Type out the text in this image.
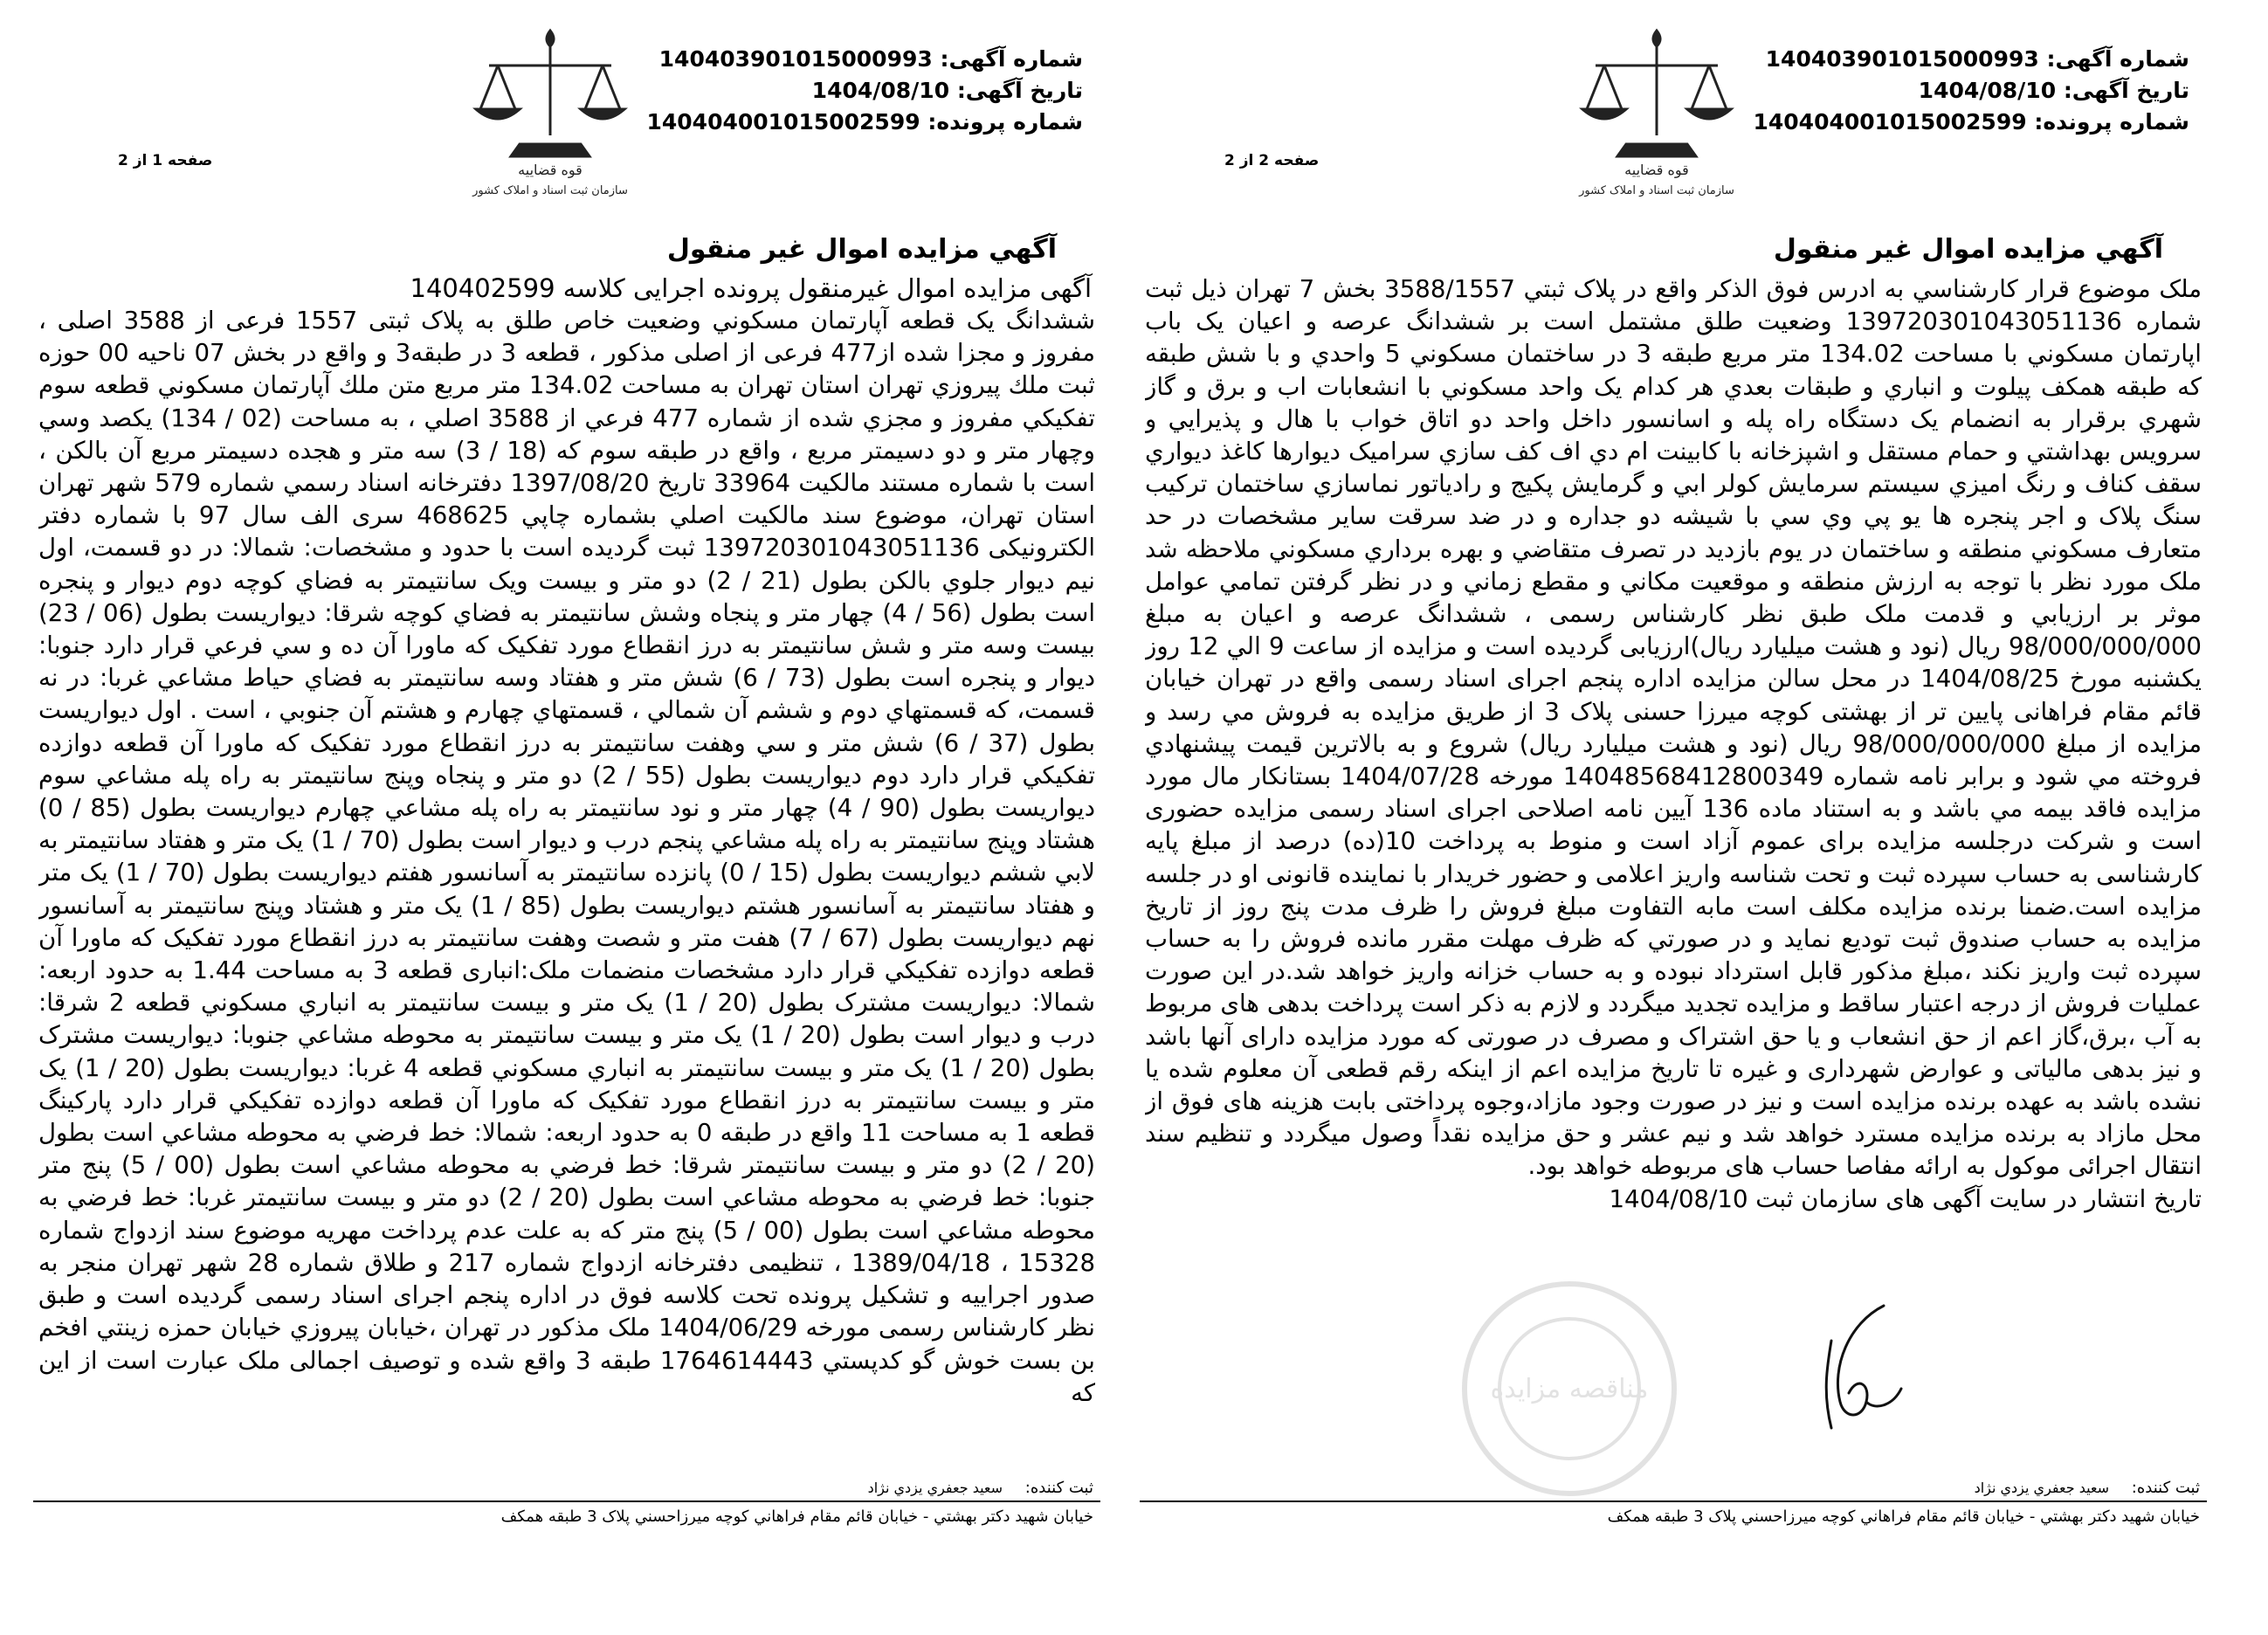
شماره آگهی: 140403901015000993
تاریخ آگهی: 1404/08/10
شماره پرونده: 140404001015002599
قوه قضاییه
سازمان ثبت اسناد و املاک کشور
صفحه 1 از 2
آگهي مزايده اموال غير منقول
آگهی مزايده اموال غيرمنقول پرونده اجرايی کلاسه 140402599
ششدانگ يک قطعه آپارتمان مسکوني وضعيت خاص طلق به پلاک ثبتی 1557 فرعی از 3588 اصلی ، مفروز و مجزا شده از477 فرعی از اصلی مذکور ، قطعه 3 در طبقه3 و واقع در بخش 07 ناحيه 00 حوزه ثبت ملك پيروزي تهران استان تهران به مساحت 134.02 متر مربع متن ملك آپارتمان مسکوني قطعه سوم تفکيکي مفروز و مجزي شده از شماره 477 فرعي از 3588 اصلي ، به مساحت (02 / 134) يکصد وسي وچهار متر و دو دسيمتر مربع ، واقع در طبقه سوم که (18 / 3) سه متر و هجده دسيمتر مربع آن بالکن ، است با شماره مستند مالکيت 33964 تاريخ 1397/08/20 دفترخانه اسناد رسمي شماره 579 شهر تهران استان تهران، موضوع سند مالکيت اصلي بشماره چاپي 468625 سری الف سال 97 با شماره دفتر الکترونيکی 139720301043051136 ثبت گرديده است با حدود و مشخصات: شمالا: در دو قسمت، اول نيم ديوار جلوي بالکن بطول (21 / 2) دو متر و بيست ويک سانتيمتر به فضاي کوچه دوم ديوار و پنجره است بطول (56 / 4) چهار متر و پنجاه وشش سانتيمتر به فضاي کوچه شرقا: ديواريست بطول (06 / 23) بيست وسه متر و شش سانتيمتر به درز انقطاع مورد تفکيک که ماورا آن ده و سي فرعي قرار دارد جنوبا: ديوار و پنجره است بطول (73 / 6) شش متر و هفتاد وسه سانتيمتر به فضاي حياط مشاعي غربا: در نه قسمت، که قسمتهاي دوم و ششم آن شمالي ، قسمتهاي چهارم و هشتم آن جنوبي ، است . اول ديواريست بطول (37 / 6) شش متر و سي وهفت سانتيمتر به درز انقطاع مورد تفکيک که ماورا آن قطعه دوازده تفکيکي قرار دارد دوم ديواريست بطول (55 / 2) دو متر و پنجاه وپنج سانتيمتر به راه پله مشاعي سوم ديواريست بطول (90 / 4) چهار متر و نود سانتيمتر به راه پله مشاعي چهارم ديواريست بطول (85 / 0) هشتاد وپنج سانتيمتر به راه پله مشاعي پنجم درب و ديوار است بطول (70 / 1) يک متر و هفتاد سانتيمتر به لابي ششم ديواريست بطول (15 / 0) پانزده سانتيمتر به آسانسور هفتم ديواريست بطول (70 / 1) يک متر و هفتاد سانتيمتر به آسانسور هشتم ديواريست بطول (85 / 1) يک متر و هشتاد وپنج سانتيمتر به آسانسور نهم ديواريست بطول (67 / 7) هفت متر و شصت وهفت سانتيمتر به درز انقطاع مورد تفکيک که ماورا آن قطعه دوازده تفکيکي قرار دارد مشخصات منضمات ملک:انباری قطعه 3 به مساحت 1.44 به حدود اربعه: شمالا: ديواريست مشترک بطول (20 / 1) يک متر و بيست سانتيمتر به انباري مسکوني قطعه 2 شرقا: درب و ديوار است بطول (20 / 1) يک متر و بيست سانتيمتر به محوطه مشاعي جنوبا: ديواريست مشترک بطول (20 / 1) يک متر و بيست سانتيمتر به انباري مسکوني قطعه 4 غربا: ديواريست بطول (20 / 1) يک متر و بيست سانتيمتر به درز انقطاع مورد تفکيک که ماورا آن قطعه دوازده تفکيکي قرار دارد پارکينگ قطعه 1 به مساحت 11 واقع در طبقه 0 به حدود اربعه: شمالا: خط فرضي به محوطه مشاعي است بطول (20 / 2) دو متر و بيست سانتيمتر شرقا: خط فرضي به محوطه مشاعي است بطول (00 / 5) پنج متر جنوبا: خط فرضي به محوطه مشاعي است بطول (20 / 2) دو متر و بيست سانتيمتر غربا: خط فرضي به محوطه مشاعي است بطول (00 / 5) پنج متر که به علت عدم پرداخت مهريه موضوع سند ازدواج شماره 15328 ، 1389/04/18 ، تنظيمی دفترخانه ازدواج شماره 217 و طلاق شماره 28 شهر تهران منجر به صدور اجراييه و تشکيل پرونده تحت کلاسه فوق در اداره پنجم اجرای اسناد رسمی گرديده است و طبق نظر کارشناس رسمی مورخه 1404/06/29 ملک مذکور در تهران ،خيابان پيروزي خيابان حمزه زينتي افخم بن بست خوش گو کدپستي 1764614443 طبقه 3 واقع شده و توصيف اجمالی ملک عبارت است از اين که
ثبت کننده: سعيد جعفري يزدي نژاد
خيابان شهيد دکتر بهشتي - خيابان قائم مقام فراهاني کوچه ميرزاحسني پلاک 3 طبقه همکف
شماره آگهی: 140403901015000993
تاریخ آگهی: 1404/08/10
شماره پرونده: 140404001015002599
قوه قضاییه
سازمان ثبت اسناد و املاک کشور
صفحه 2 از 2
آگهي مزايده اموال غير منقول
ملک موضوع قرار کارشناسي به ادرس فوق الذکر واقع در پلاک ثبتي 3588/1557 بخش 7 تهران ذيل ثبت شماره 139720301043051136 وضعيت طلق مشتمل است بر ششدانگ عرصه و اعيان يک باب اپارتمان مسکوني با مساحت 134.02 متر مربع طبقه 3 در ساختمان مسکوني 5 واحدي و با شش طبقه که طبقه همکف پيلوت و انباري و طبقات بعدي هر کدام يک واحد مسکوني با انشعابات اب و برق و گاز شهري برقرار به انضمام يک دستگاه راه پله و اسانسور داخل واحد دو اتاق خواب با هال و پذيرايي و سرويس بهداشتي و حمام مستقل و اشپزخانه با کابينت ام دي اف کف سازي سراميک ديوارها کاغذ ديواري سقف کناف و رنگ اميزي سيستم سرمايش کولر ابي و گرمايش پکيج و رادياتور نماسازي ساختمان ترکيب سنگ پلاک و اجر پنجره ها يو پي وي سي با شيشه دو جداره و در ضد سرقت ساير مشخصات در حد متعارف مسکوني منطقه و ساختمان در يوم بازديد در تصرف متقاضي و بهره برداري مسکوني ملاحظه شد ملک مورد نظر با توجه به ارزش منطقه و موقعيت مکاني و مقطع زماني و در نظر گرفتن تمامي عوامل موثر بر ارزيابي و قدمت ملک طبق نظر کارشناس رسمی ، ششدانگ عرصه و اعيان به مبلغ 98/000/000/000 ريال (نود و هشت ميليارد ريال)ارزيابی گرديده است و مزايده از ساعت 9 الي 12 روز يکشنبه مورخ 1404/08/25 در محل سالن مزايده اداره پنجم اجرای اسناد رسمی واقع در تهران خيابان قائم مقام فراهانی پايين تر از بهشتی کوچه ميرزا حسنی پلاک 3 از طريق مزايده به فروش مي رسد و مزايده از مبلغ 98/000/000/000 ريال (نود و هشت ميليارد ريال) شروع و به بالاترين قيمت پيشنهادي فروخته مي شود و برابر نامه شماره 14048568412800349 مورخه 1404/07/28 بستانکار مال مورد مزايده فاقد بيمه مي باشد و به استناد ماده 136 آيين نامه اصلاحی اجرای اسناد رسمی مزايده حضوری است و شرکت درجلسه مزايده برای عموم آزاد است و منوط به پرداخت 10(ده) درصد از مبلغ پايه کارشناسی به حساب سپرده ثبت و تحت شناسه واريز اعلامی و حضور خريدار با نماينده قانونی او در جلسه مزايده است.ضمنا برنده مزايده مکلف است مابه التفاوت مبلغ فروش را ظرف مدت پنج روز از تاريخ مزايده به حساب صندوق ثبت توديع نمايد و در صورتي که ظرف مهلت مقرر مانده فروش را به حساب سپرده ثبت واريز نکند ،مبلغ مذکور قابل استرداد نبوده و به حساب خزانه واريز خواهد شد.در اين صورت عمليات فروش از درجه اعتبار ساقط و مزايده تجديد ميگردد و لازم به ذکر است پرداخت بدهی های مربوط به آب ،برق،گاز اعم از حق انشعاب و يا حق اشتراک و مصرف در صورتی که مورد مزايده دارای آنها باشد و نيز بدهی مالياتی و عوارض شهرداری و غيره تا تاريخ مزايده اعم از اينکه رقم قطعی آن معلوم شده يا نشده باشد به عهده برنده مزايده است و نيز در صورت وجود مازاد،وجوه پرداختی بابت هزينه های فوق از محل مازاد به برنده مزايده مسترد خواهد شد و نيم عشر و حق مزايده نقداً وصول ميگردد و تنظيم سند انتقال اجرائی موکول به ارائه مفاصا حساب های مربوطه خواهد بود.
تاريخ انتشار در سايت آگهی های سازمان ثبت 1404/08/10
مناقصه مزایده
ثبت کننده: سعيد جعفري يزدي نژاد
خيابان شهيد دکتر بهشتي - خيابان قائم مقام فراهاني کوچه ميرزاحسني پلاک 3 طبقه همکف
